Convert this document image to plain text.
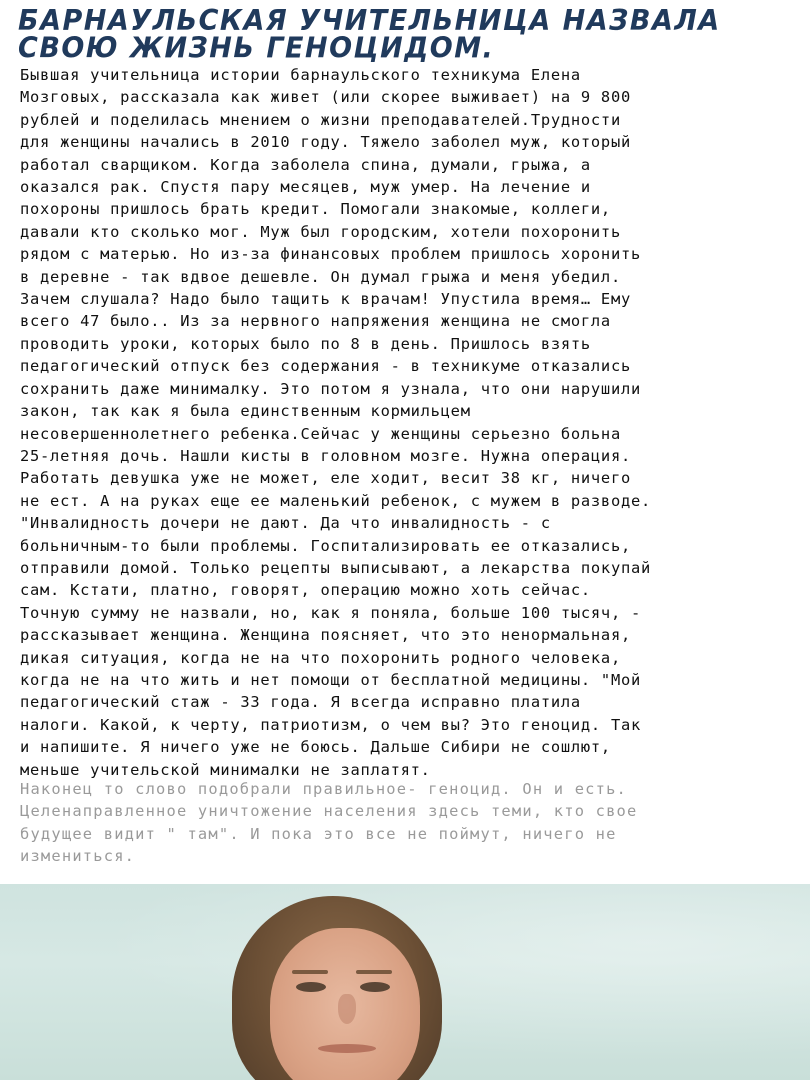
БАРНАУЛЬСКАЯ УЧИТЕЛЬНИЦА НАЗВАЛА СВОЮ ЖИЗНЬ ГЕНОЦИДОМ.

Бывшая учительница истории барнаульского техникума Елена
Мозговых, рассказала как живет (или скорее выживает) на 9 800
рублей и поделилась мнением о жизни преподавателей.Трудности
для женщины начались в 2010 году. Тяжело заболел муж, который
работал сварщиком. Когда заболела спина, думали, грыжа, а
оказался рак. Спустя пару месяцев, муж умер. На лечение и
похороны пришлось брать кредит. Помогали знакомые, коллеги,
давали кто сколько мог. Муж был городским, хотели похоронить
рядом с матерью. Но из-за финансовых проблем пришлось хоронить
в деревне - так вдвое дешевле. Он думал грыжа и меня убедил.
Зачем слушала? Надо было тащить к врачам! Упустила время… Ему
всего 47 было.. Из за нервного напряжения женщина не смогла
проводить уроки, которых было по 8 в день. Пришлось взять
педагогический отпуск без содержания - в техникуме отказались
сохранить даже минималку. Это потом я узнала, что они нарушили
закон, так как я была единственным кормильцем
несовершеннолетнего ребенка.Сейчас у женщины серьезно больна
25-летняя дочь. Нашли кисты в головном мозге. Нужна операция.
Работать девушка уже не может, еле ходит, весит 38 кг, ничего
не ест. А на руках еще ее маленький ребенок, с мужем в разводе.
"Инвалидность дочери не дают. Да что инвалидность - с
больничным-то были проблемы. Госпитализировать ее отказались,
отправили домой. Только рецепты выписывают, а лекарства покупай
сам. Кстати, платно, говорят, операцию можно хоть сейчас.
Точную сумму не назвали, но, как я поняла, больше 100 тысяч, -
рассказывает женщина. Женщина поясняет, что это ненормальная,
дикая ситуация, когда не на что похоронить родного человека,
когда не на что жить и нет помощи от бесплатной медицины. "Мой
педагогический стаж - 33 года. Я всегда исправно платила
налоги. Какой, к черту, патриотизм, о чем вы? Это геноцид. Так
и напишите. Я ничего уже не боюсь. Дальше Сибири не сошлют,
меньше учительской минималки не заплатят.

Наконец то слово подобрали правильное- геноцид. Он и есть.
Целенаправленное уничтожение населения здесь теми, кто свое
будущее видит " там". И пока это все не поймут, ничего не
измениться.
